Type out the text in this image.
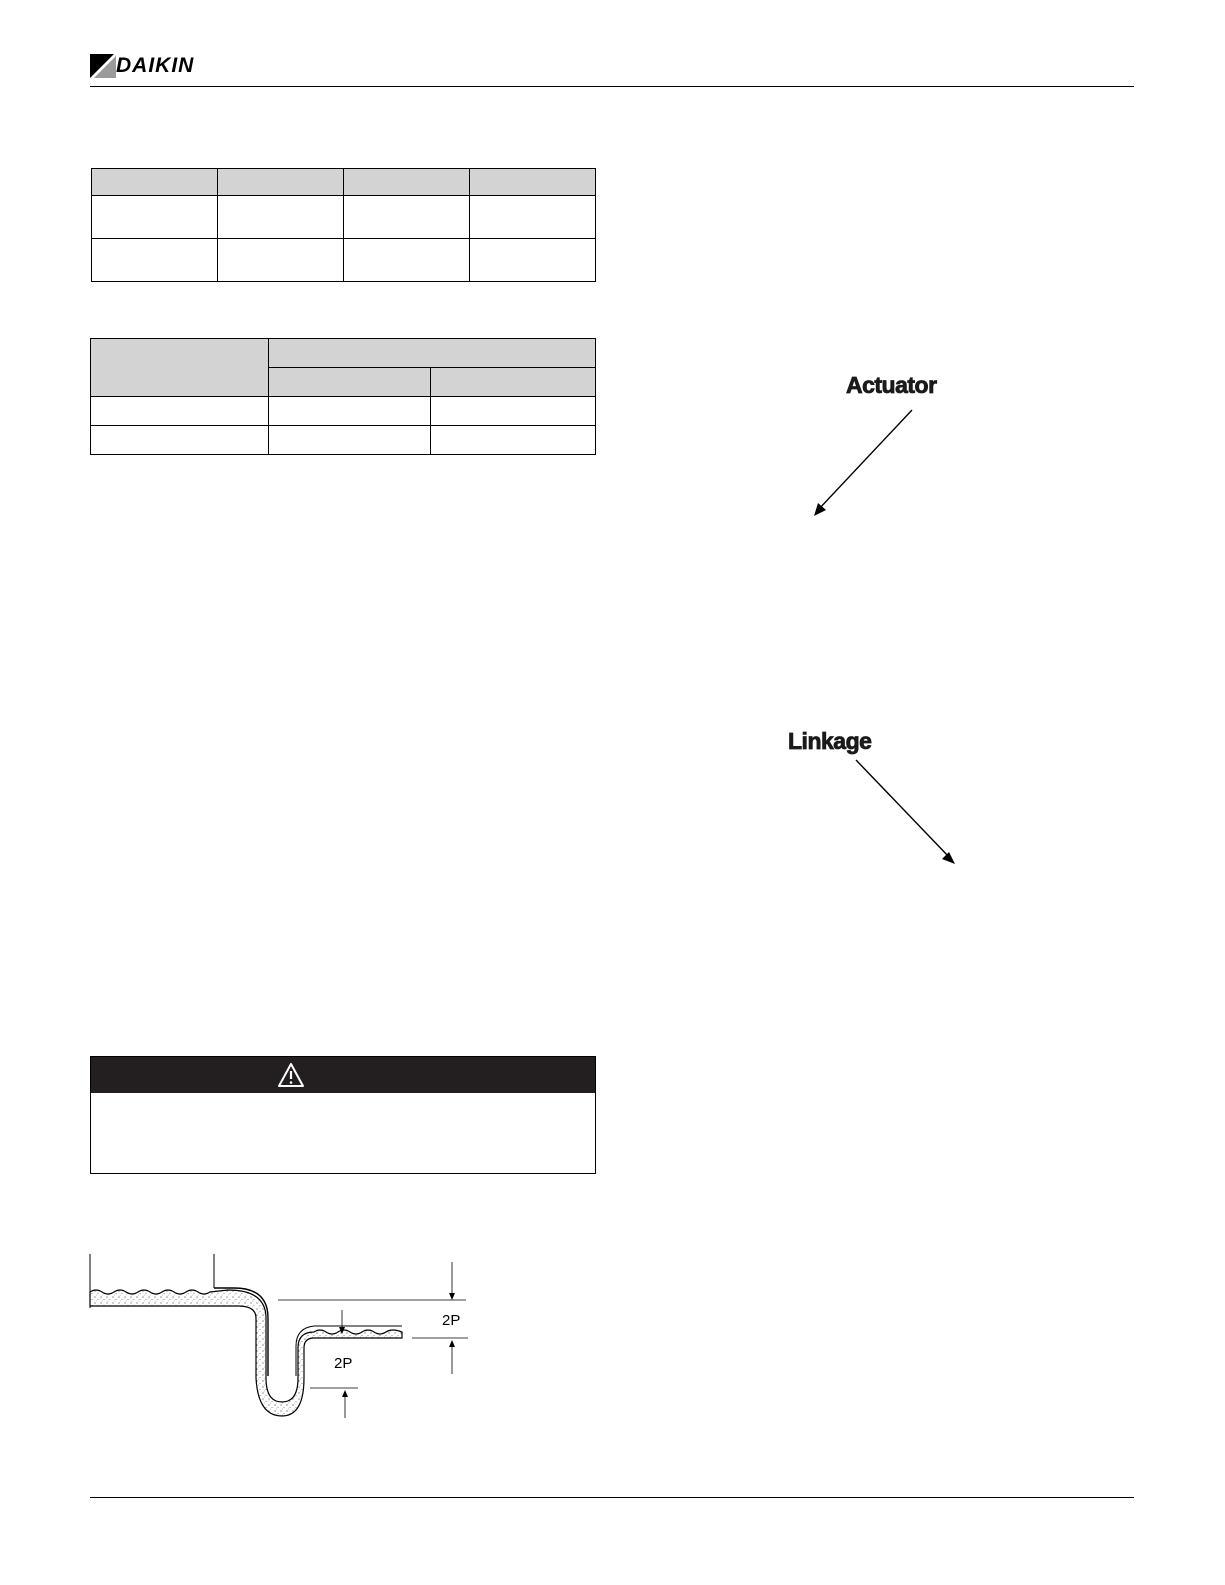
DAIKIN

2P
2P
Actuator
Linkage
